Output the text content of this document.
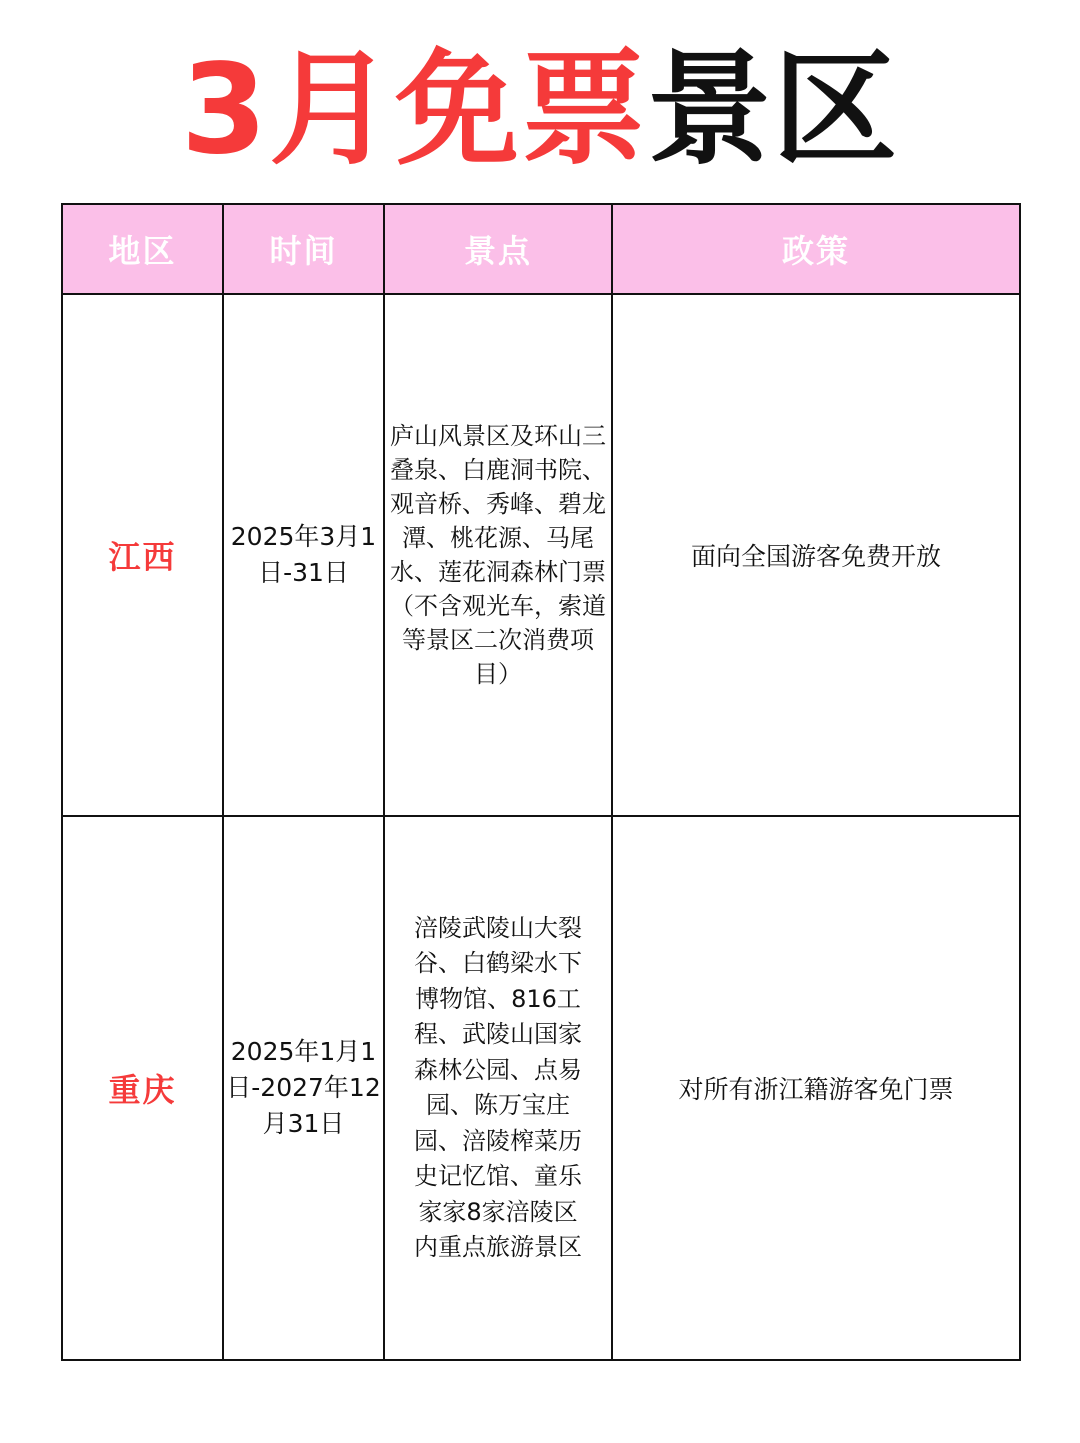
3月免票 景区
地区	时间	景点	政策
江西	2025年3月1日-31日	庐山风景区及环山三叠泉、白鹿洞书院、观音桥、秀峰、碧龙潭、桃花源、马尾水、莲花洞森林门票（不含观光车，索道等景区二次消费项目）	面向全国游客免费开放
重庆	2025年1月1日-2027年12月31日	涪陵武陵山大裂谷、白鹤梁水下博物馆、816工程、武陵山国家森林公园、点易园、陈万宝庄园、涪陵榨菜历史记忆馆、童乐家家8家涪陵区内重点旅游景区	对所有浙江籍游客免门票
